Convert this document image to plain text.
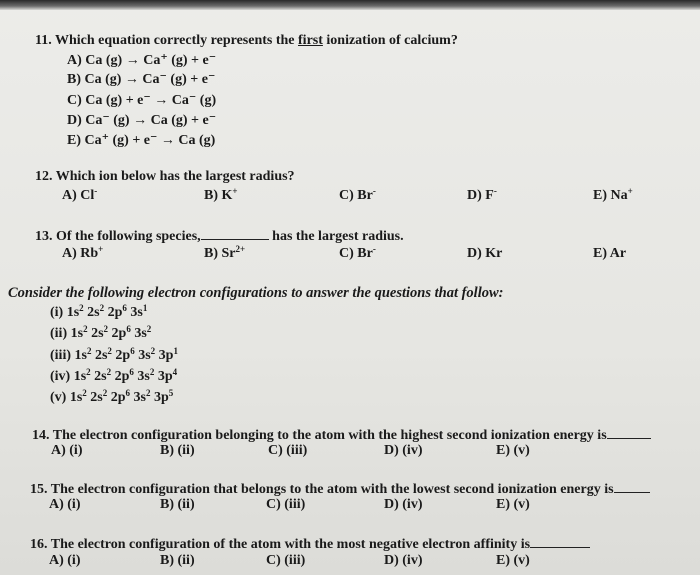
11. Which equation correctly represents the first ionization of calcium?
A) Ca (g) → Ca⁺ (g) + e⁻
B) Ca (g) → Ca⁻ (g) + e⁻
C) Ca (g) + e⁻ → Ca⁻ (g)
D) Ca⁻ (g) → Ca (g) + e⁻
E) Ca⁺ (g) + e⁻ → Ca (g)
12. Which ion below has the largest radius?
A) Cl-	B) K+	C) Br-	D) F-	E) Na+
13. Of the following species,	has the largest radius.
A) Rb+	B) $Sr^{2+}$	C) Br-	D) Kr	E) Ar
Consider the following electron configurations to answer the questions that follow:
(i) $1s^2$ $2s^2$ $2p^6$ $3s^1$
(ii) $1s^2$ $2s^2$ $2p^6$ $3s^2$
(iii) $1s^2$ $2s^2$ $2p^6$ $3s^2$ $3p^1$
(iv) $1s^2$ $2s^2$ $2p^6$ $3s^2$ $3p^4$
(v) $1s^2$ $2s^2$ $2p^6$ $3s^2$ $3p^5$
14. The electron configuration belonging to the atom with the highest second ionization energy is
A) (i)	B) (ii)	C) (iii)	D) (iv)	E) (v)
15. The electron configuration that belongs to the atom with the lowest second ionization energy is
A) (i)	B) (ii)	C) (iii)	D) (iv)	E) (v)
16. The electron configuration of the atom with the most negative electron affinity is
A) (i)	B) (ii)	C) (iii)	D) (iv)	E) (v)
